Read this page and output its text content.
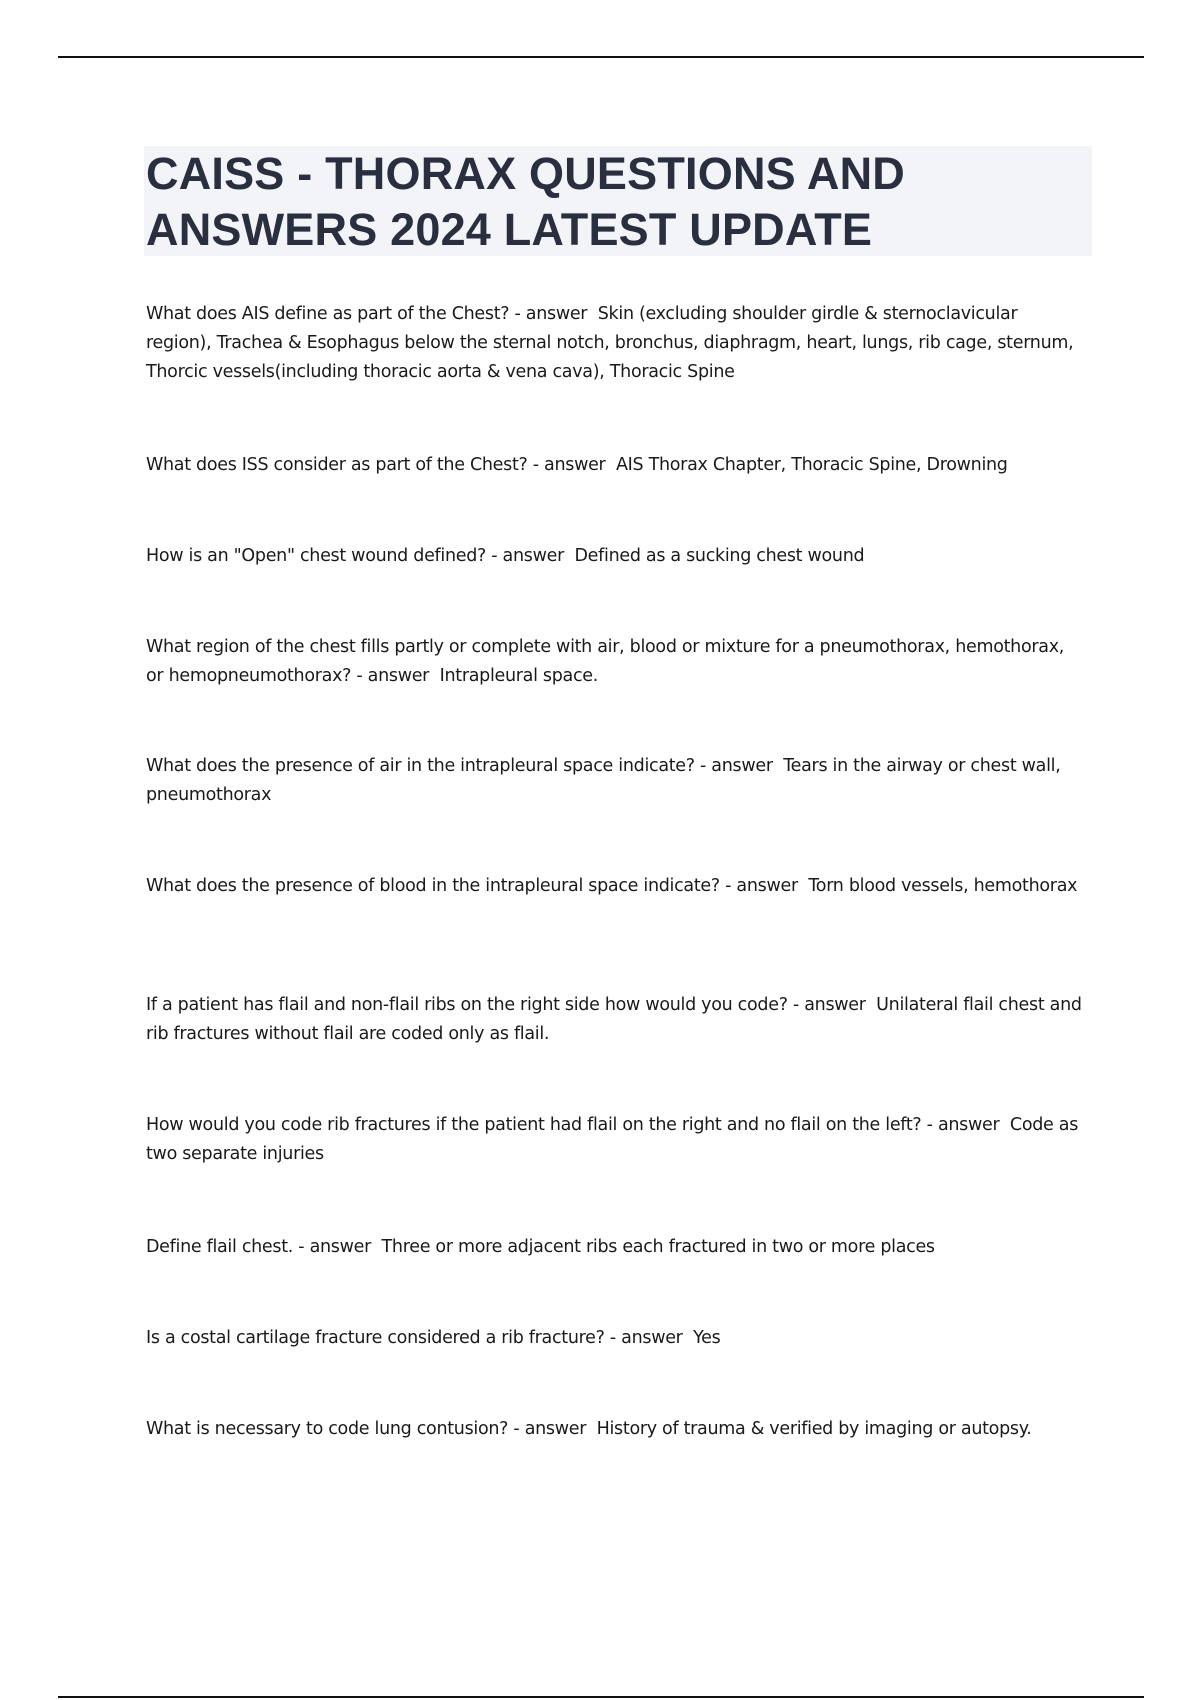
CAISS - THORAX QUESTIONS AND ANSWERS 2024 LATEST UPDATE

What does AIS define as part of the Chest? - answer  Skin (excluding shoulder girdle & sternoclavicular region), Trachea & Esophagus below the sternal notch, bronchus, diaphragm, heart, lungs, rib cage, sternum, Thorcic vessels(including thoracic aorta & vena cava), Thoracic Spine

What does ISS consider as part of the Chest? - answer  AIS Thorax Chapter, Thoracic Spine, Drowning

How is an "Open" chest wound defined? - answer  Defined as a sucking chest wound

What region of the chest fills partly or complete with air, blood or mixture for a pneumothorax, hemothorax, or hemopneumothorax? - answer  Intrapleural space.

What does the presence of air in the intrapleural space indicate? - answer  Tears in the airway or chest wall, pneumothorax

What does the presence of blood in the intrapleural space indicate? - answer  Torn blood vessels, hemothorax

If a patient has flail and non-flail ribs on the right side how would you code? - answer  Unilateral flail chest and rib fractures without flail are coded only as flail.

How would you code rib fractures if the patient had flail on the right and no flail on the left? - answer  Code as two separate injuries

Define flail chest. - answer  Three or more adjacent ribs each fractured in two or more places

Is a costal cartilage fracture considered a rib fracture? - answer  Yes

What is necessary to code lung contusion? - answer  History of trauma & verified by imaging or autopsy.
